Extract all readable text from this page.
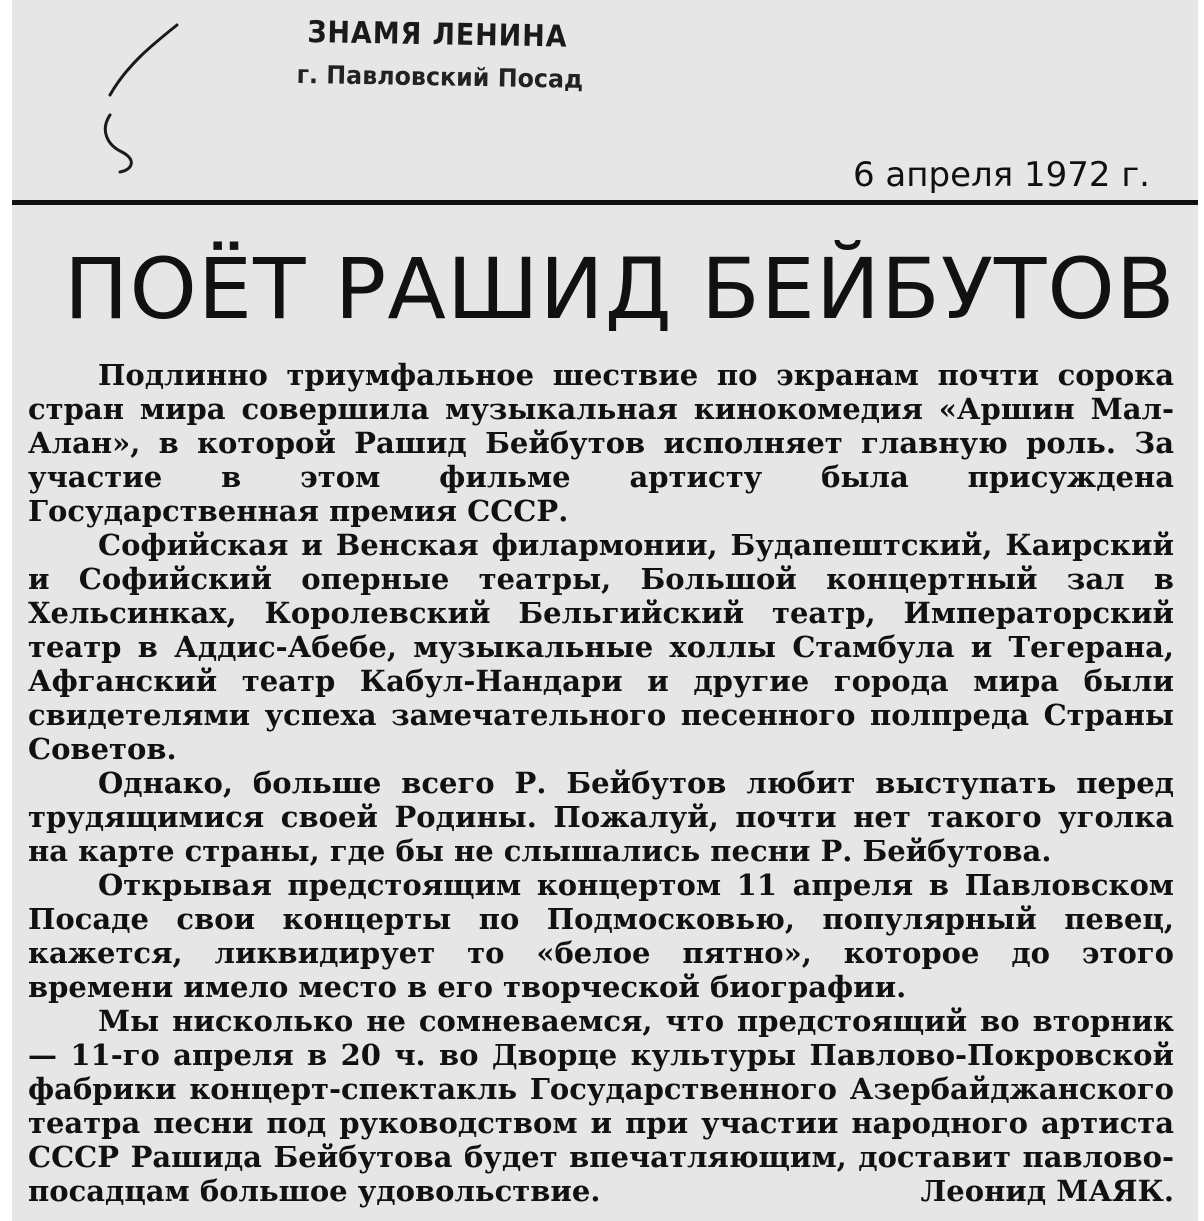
ЗНАМЯ ЛЕНИНА
г. Павловский Посад
6 апреля 1972 г.
ПОЁТ РАШИД БЕЙБУТОВ

Подлинно триумфальное шествие по экранам почти сорока стран мира совершила музыкальная кинокомедия «Аршин Мал-Алан», в которой Рашид Бейбутов исполняет главную роль. За участие в этом фильме артисту была присуждена Государственная премия СССР.

Софийская и Венская филармонии, Будапештский, Каирский и Софийский оперные театры, Большой концертный зал в Хельсинках, Королевский Бельгийский театр, Императорский театр в Аддис-Абебе, музыкальные холлы Стамбула и Тегерана, Афганский театр Кабул-Нандари и другие города мира были свидетелями успеха замечательного песенного полпреда Страны Советов.

Однако, больше всего Р. Бейбутов любит выступать перед трудящимися своей Родины. Пожалуй, почти нет такого уголка на карте страны, где бы не слышались песни Р. Бейбутова.

Открывая предстоящим концертом 11 апреля в Павловском Посаде свои концерты по Подмосковью, популярный певец, кажется, ликвидирует то «белое пятно», которое до этого времени имело место в его творческой биографии.

Мы нисколько не сомневаемся, что предстоящий во вторник— 11-го апреля в 20 ч. во Дворце культуры Павлово-Покровской фабрики концерт-спектакль Государственного Азербайджанского театра песни под руководством и при участии народного артиста СССР Рашида Бейбутова будет впечатляющим, доставит павлово-посадцам большое удовольствие.	Леонид МАЯК.
